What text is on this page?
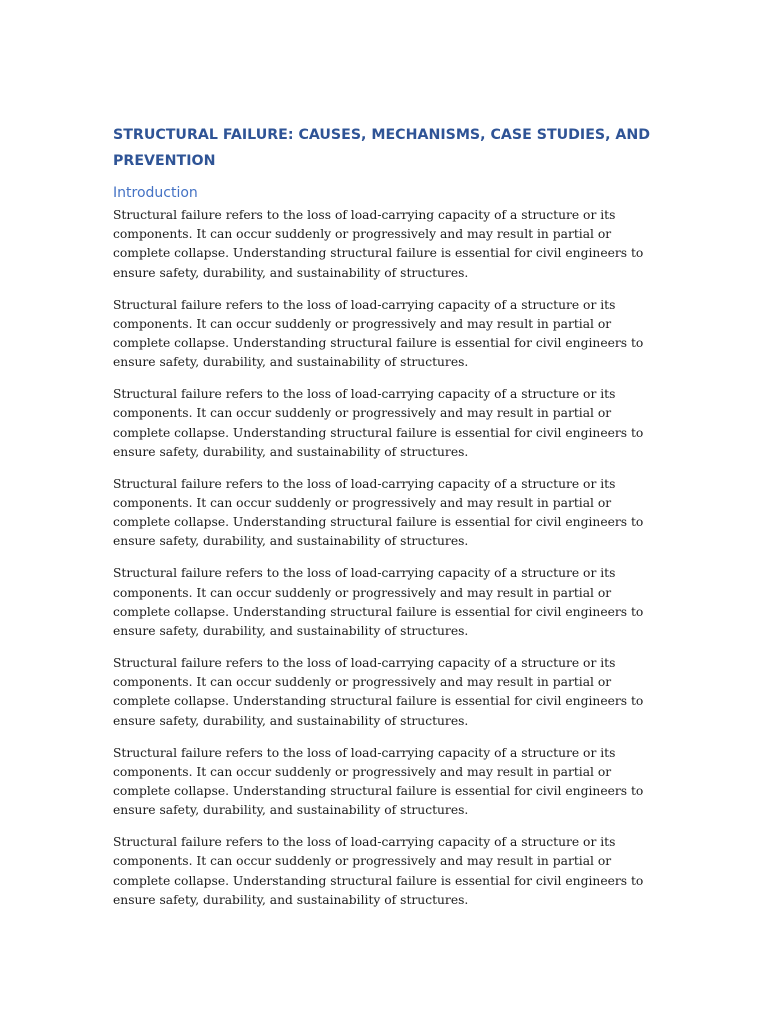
STRUCTURAL FAILURE: CAUSES, MECHANISMS, CASE STUDIES, AND PREVENTION
Introduction

Structural failure refers to the loss of load-carrying capacity of a structure or its components. It can occur suddenly or progressively and may result in partial or complete collapse. Understanding structural failure is essential for civil engineers to ensure safety, durability, and sustainability of structures.

Structural failure refers to the loss of load-carrying capacity of a structure or its components. It can occur suddenly or progressively and may result in partial or complete collapse. Understanding structural failure is essential for civil engineers to ensure safety, durability, and sustainability of structures.

Structural failure refers to the loss of load-carrying capacity of a structure or its components. It can occur suddenly or progressively and may result in partial or complete collapse. Understanding structural failure is essential for civil engineers to ensure safety, durability, and sustainability of structures.

Structural failure refers to the loss of load-carrying capacity of a structure or its components. It can occur suddenly or progressively and may result in partial or complete collapse. Understanding structural failure is essential for civil engineers to ensure safety, durability, and sustainability of structures.

Structural failure refers to the loss of load-carrying capacity of a structure or its components. It can occur suddenly or progressively and may result in partial or complete collapse. Understanding structural failure is essential for civil engineers to ensure safety, durability, and sustainability of structures.

Structural failure refers to the loss of load-carrying capacity of a structure or its components. It can occur suddenly or progressively and may result in partial or complete collapse. Understanding structural failure is essential for civil engineers to ensure safety, durability, and sustainability of structures.

Structural failure refers to the loss of load-carrying capacity of a structure or its components. It can occur suddenly or progressively and may result in partial or complete collapse. Understanding structural failure is essential for civil engineers to ensure safety, durability, and sustainability of structures.

Structural failure refers to the loss of load-carrying capacity of a structure or its components. It can occur suddenly or progressively and may result in partial or complete collapse. Understanding structural failure is essential for civil engineers to ensure safety, durability, and sustainability of structures.
